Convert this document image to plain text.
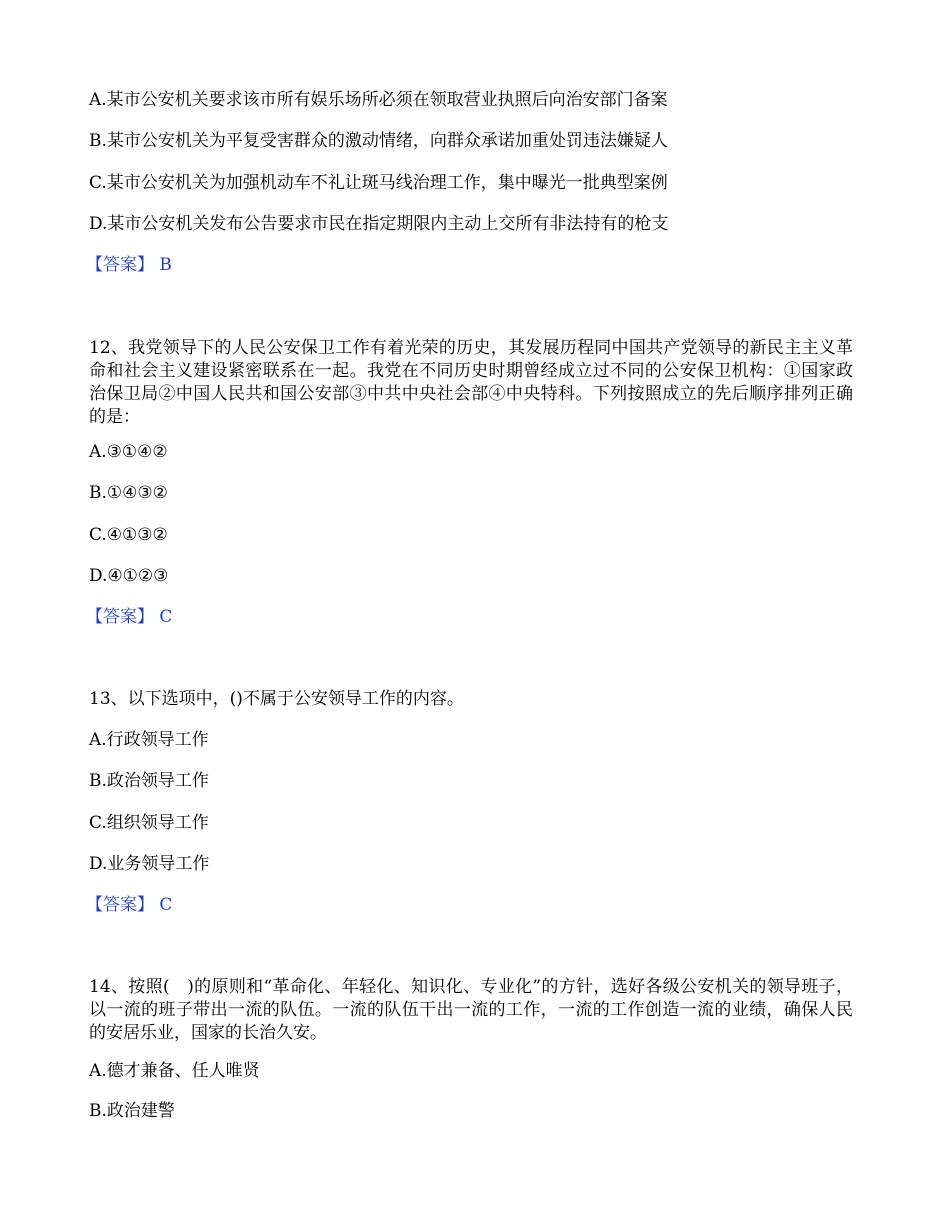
A.某市公安机关要求该市所有娱乐场所必须在领取营业执照后向治安部门备案
B.某市公安机关为平复受害群众的激动情绪，向群众承诺加重处罚违法嫌疑人
C.某市公安机关为加强机动车不礼让斑马线治理工作，集中曝光一批典型案例
D.某市公安机关发布公告要求市民在指定期限内主动上交所有非法持有的枪支
【答案】 B
12、我党领导下的人民公安保卫工作有着光荣的历史，其发展历程同中国共产党领导的新民主主义革命和社会主义建设紧密联系在一起。我党在不同历史时期曾经成立过不同的公安保卫机构：①国家政治保卫局②中国人民共和国公安部③中共中央社会部④中央特科。下列按照成立的先后顺序排列正确的是：
A.③①④②
B.①④③②
C.④①③②
D.④①②③
【答案】 C
13、以下选项中，()不属于公安领导工作的内容。
A.行政领导工作
B.政治领导工作
C.组织领导工作
D.业务领导工作
【答案】 C
14、按照(　)的原则和“革命化、年轻化、知识化、专业化”的方针，选好各级公安机关的领导班子，以一流的班子带出一流的队伍。一流的队伍干出一流的工作，一流的工作创造一流的业绩，确保人民的安居乐业，国家的长治久安。
A.德才兼备、任人唯贤
B.政治建警
